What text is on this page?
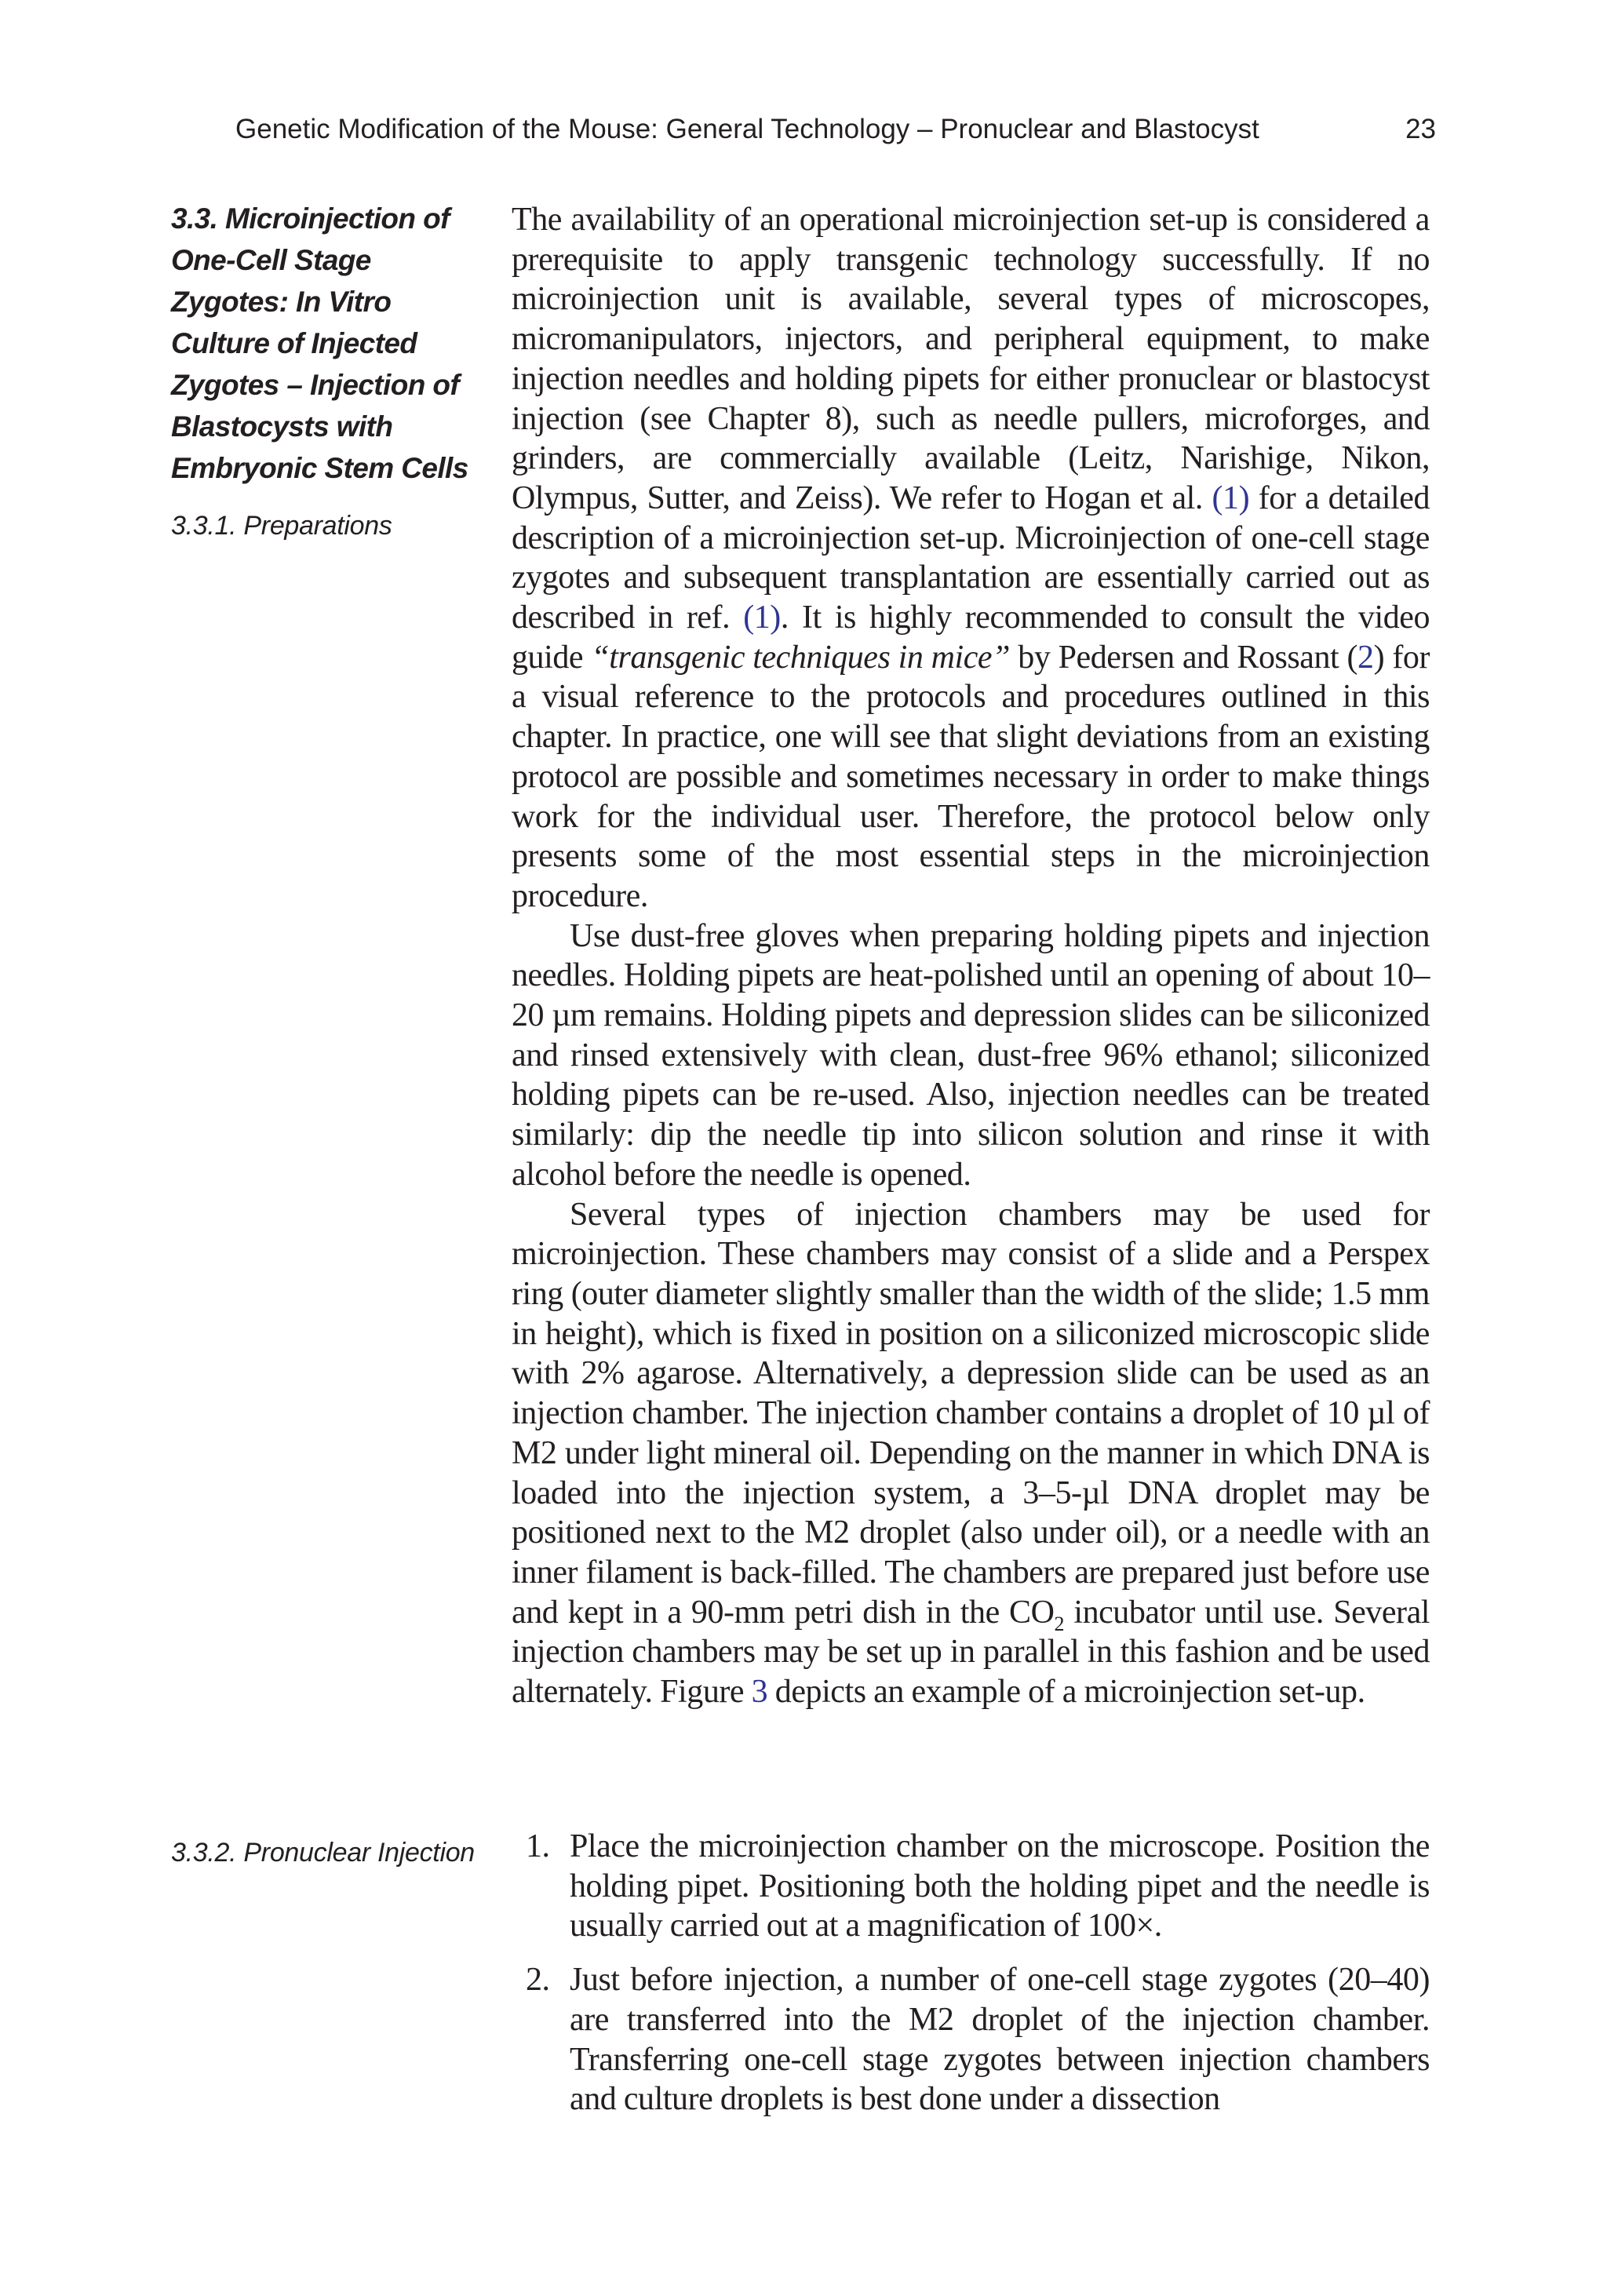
Genetic Modification of the Mouse: General Technology – Pronuclear and Blastocyst	23
3.3. Microinjection of One-Cell Stage Zygotes: In Vitro Culture of Injected Zygotes – Injection of Blastocysts with Embryonic Stem Cells
3.3.1. Preparations
3.3.2. Pronuclear Injection

The availability of an operational microinjection set-up is considered a prerequisite to apply transgenic technology successfully. If no microinjection unit is available, several types of microscopes, micromanipulators, injectors, and peripheral equipment, to make injection needles and holding pipets for either pronuclear or blastocyst injection (see Chapter 8), such as needle pullers, microforges, and grinders, are commercially available (Leitz, Narishige, Nikon, Olympus, Sutter, and Zeiss). We refer to Hogan et al. (1) for a detailed description of a microinjection set-up. Microinjection of one-cell stage zygotes and subsequent transplantation are essentially carried out as described in ref. (1). It is highly recommended to consult the video guide “transgenic techniques in mice” by Pedersen and Rossant (2) for a visual reference to the protocols and procedures outlined in this chapter. In practice, one will see that slight deviations from an existing protocol are possible and sometimes necessary in order to make things work for the individual user. Therefore, the protocol below only presents some of the most essential steps in the microinjection procedure.

Use dust-free gloves when preparing holding pipets and injection needles. Holding pipets are heat-polished until an opening of about 10–20 µm remains. Holding pipets and depression slides can be siliconized and rinsed extensively with clean, dust-free 96% ethanol; siliconized holding pipets can be re-used. Also, injection needles can be treated similarly: dip the needle tip into silicon solution and rinse it with alcohol before the needle is opened.

Several types of injection chambers may be used for microinjection. These chambers may consist of a slide and a Perspex ring (outer diameter slightly smaller than the width of the slide; 1.5 mm in height), which is fixed in position on a siliconized microscopic slide with 2% agarose. Alternatively, a depression slide can be used as an injection chamber. The injection chamber contains a droplet of 10 µl of M2 under light mineral oil. Depending on the manner in which DNA is loaded into the injection system, a 3–5-µl DNA droplet may be positioned next to the M2 droplet (also under oil), or a needle with an inner filament is back-filled. The chambers are prepared just before use and kept in a 90-mm petri dish in the $CO_2$ incubator until use. Several injection chambers may be set up in parallel in this fashion and be used alternately. Figure 3 depicts an example of a microinjection set-up.

1. Place the microinjection chamber on the microscope. Position the holding pipet. Positioning both the holding pipet and the needle is usually carried out at a magnification of 100×.
2. Just before injection, a number of one-cell stage zygotes (20–40) are transferred into the M2 droplet of the injection chamber. Transferring one-cell stage zygotes between injection chambers and culture droplets is best done under a dissection
